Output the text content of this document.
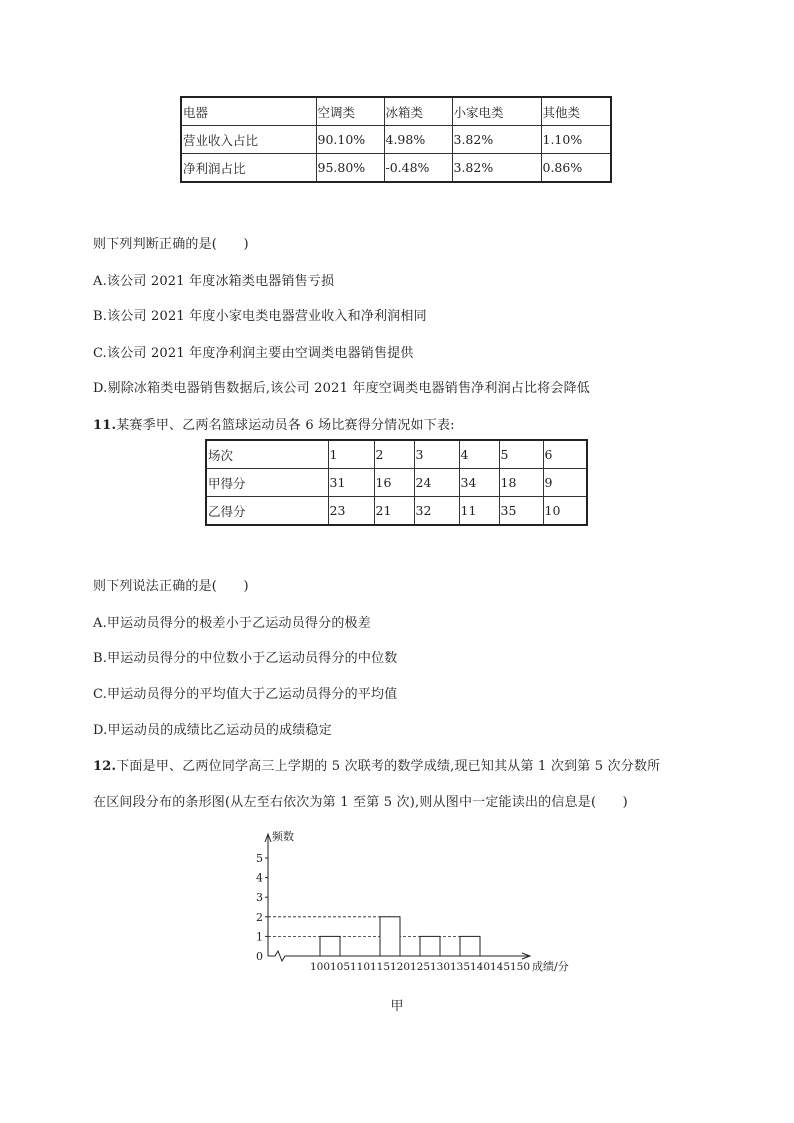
电器	空调类	冰箱类	小家电类	其他类
营业收入占比	90.10%	4.98%	3.82%	1.10%
净利润占比	95.80%	-0.48%	3.82%	0.86%
则下列判断正确的是(　　)
A.该公司 2021 年度冰箱类电器销售亏损
B.该公司 2021 年度小家电类电器营业收入和净利润相同
C.该公司 2021 年度净利润主要由空调类电器销售提供
D.剔除冰箱类电器销售数据后,该公司 2021 年度空调类电器销售净利润占比将会降低
11.某赛季甲、乙两名篮球运动员各 6 场比赛得分情况如下表:
场次	1	2	3	4	5	6
甲得分	31	16	24	34	18	9
乙得分	23	21	32	11	35	10
则下列说法正确的是(　　)
A.甲运动员得分的极差小于乙运动员得分的极差
B.甲运动员得分的中位数小于乙运动员得分的中位数
C.甲运动员得分的平均值大于乙运动员得分的平均值
D.甲运动员的成绩比乙运动员的成绩稳定
12.下面是甲、乙两位同学高三上学期的 5 次联考的数学成绩,现已知其从第 1 次到第 5 次分数所
在区间段分布的条形图(从左至右依次为第 1 至第 5 次),则从图中一定能读出的信息是(　　)
频数
0
1
2
3
4
5
100 105 110 115 120 125 130 135 140 145 150 成绩/分
甲
